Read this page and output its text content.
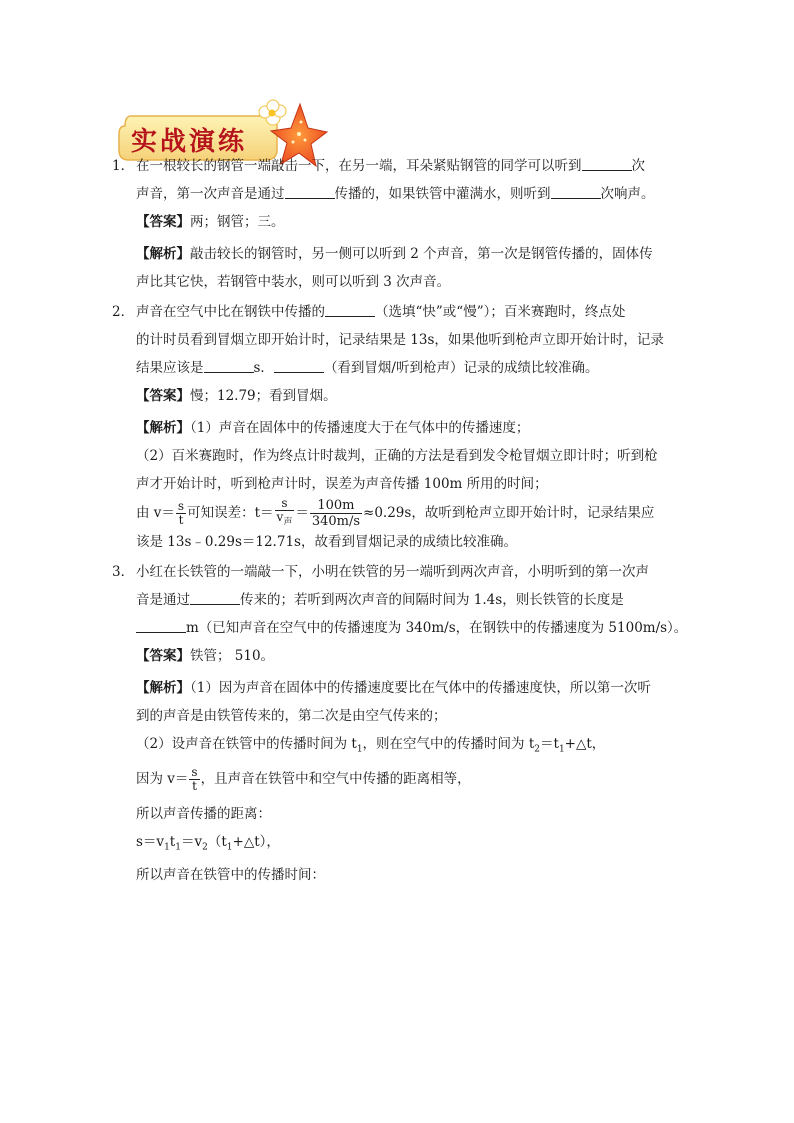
实战演练

1． 在一根较长的钢管一端敲击一下，在另一端，耳朵紧贴钢管的同学可以听到	次

声音，第一次声音是通过	传播的，如果铁管中灌满水，则听到	次响声。

【答案】两；钢管；三。

【解析】敲击较长的钢管时，另一侧可以听到 2 个声音，第一次是钢管传播的，固体传

声比其它快，若钢管中装水，则可以听到 3 次声音。

2． 声音在空气中比在钢铁中传播的	（选填“快”或“慢”）；百米赛跑时，终点处

的计时员看到冒烟立即开始计时，记录结果是 13s，如果他听到枪声立即开始计时，记录

结果应该是	s．	（看到冒烟/听到枪声）记录的成绩比较准确。

【答案】慢；12.79；看到冒烟。

【解析】（1）声音在固体中的传播速度大于在气体中的传播速度；

（2）百米赛跑时，作为终点计时裁判，正确的方法是看到发令枪冒烟立即计时；听到枪

声才开始计时，听到枪声计时，误差为声音传播 100m 所用的时间；

由 $v= \frac{s}{t}$ 可知误差：$t= \frac{s}{v_声} = \frac{100m}{340m/s} \approx 0.29s$，故听到枪声立即开始计时，记录结果应

该是 13s﹣0.29s＝12.71s，故看到冒烟记录的成绩比较准确。

3． 小红在长铁管的一端敲一下，小明在铁管的另一端听到两次声音，小明听到的第一次声

音是通过	传来的；若听到两次声音的间隔时间为 1.4s，则长铁管的长度是

m（已知声音在空气中的传播速度为 340m/s，在钢铁中的传播速度为 5100m/s）。

【答案】铁管； 510。

【解析】（1）因为声音在固体中的传播速度要比在气体中的传播速度快，所以第一次听

到的声音是由铁管传来的，第二次是由空气传来的；

（2）设声音在铁管中的传播时间为 $t_1$，则在空气中的传播时间为 $t_2=t_1+\triangle t$，

因为 $v= \frac{s}{t}$ ，且声音在铁管中和空气中传播的距离相等，

所以声音传播的距离：

$s=v_1t_1=v_2(t_1+\triangle t)$，

所以声音在铁管中的传播时间：
